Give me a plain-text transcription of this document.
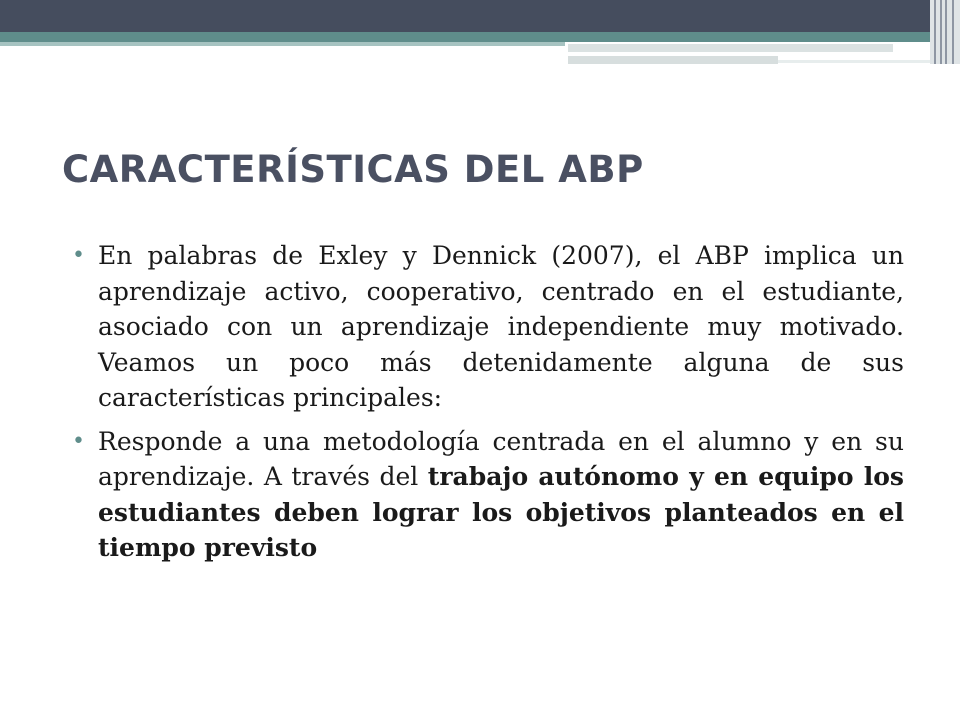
CARACTERÍSTICAS DEL ABP
• En palabras de Exley y Dennick (2007), el ABP implica un aprendizaje activo, cooperativo, centrado en el estudiante, asociado con un aprendizaje independiente muy motivado. Veamos un poco más detenidamente alguna de sus características principales:
• Responde a una metodología centrada en el alumno y en su aprendizaje. A través del trabajo autónomo y en equipo los estudiantes deben lograr los objetivos planteados en el tiempo previsto
